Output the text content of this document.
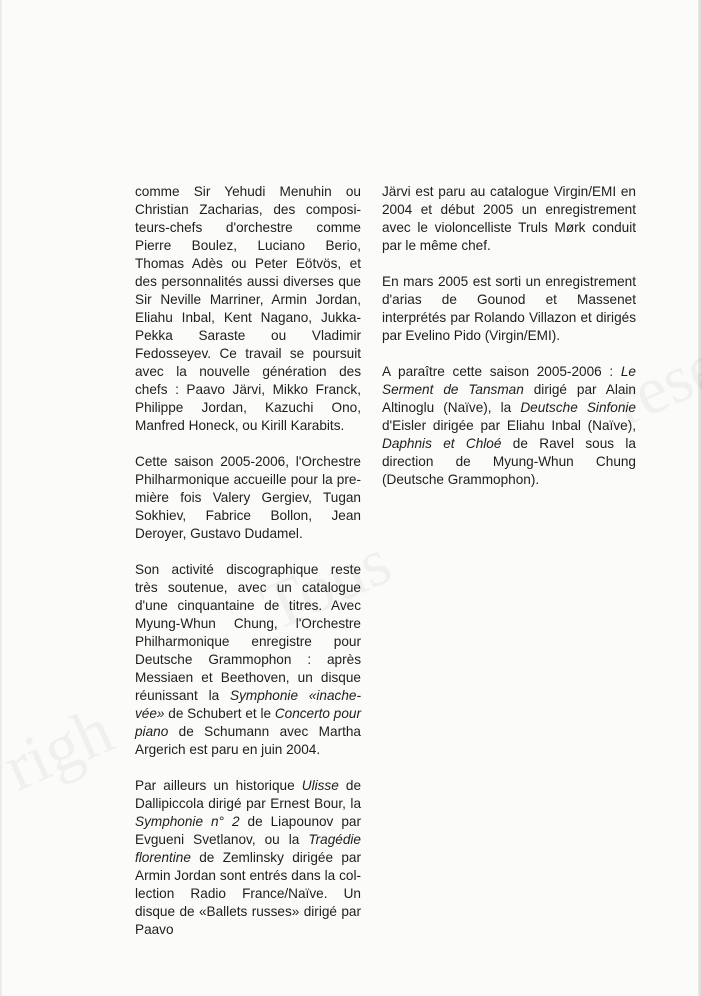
comme Sir Yehudi Menuhin ou Christian Zacharias, des compositeurs-chefs d'orchestre comme Pierre Boulez, Luciano Berio, Thomas Adès ou Peter Eötvös, et des personnalités aussi diverses que Sir Neville Marriner, Armin Jordan, Eliahu Inbal, Kent Nagano, Jukka-Pekka Saraste ou Vladimir Fedosseyev. Ce travail se poursuit avec la nouvelle génération des chefs : Paavo Järvi, Mikko Franck, Philippe Jordan, Kazuchi Ono, Manfred Honeck, ou Kirill Karabits.

Cette saison 2005-2006, l'Orchestre Philharmonique accueille pour la première fois Valery Gergiev, Tugan Sokhiev, Fabrice Bollon, Jean Deroyer, Gustavo Dudamel.

Son activité discographique reste très soutenue, avec un catalogue d'une cinquantaine de titres. Avec Myung-Whun Chung, l'Orchestre Philharmonique enregistre pour Deutsche Grammophon : après Messiaen et Beethoven, un disque réunissant la Symphonie «inachevée» de Schubert et le Concerto pour piano de Schumann avec Martha Argerich est paru en juin 2004.

Par ailleurs un historique Ulisse de Dallipiccola dirigé par Ernest Bour, la Symphonie n° 2 de Liapounov par Evgueni Svetlanov, ou la Tragédie florentine de Zemlinsky dirigée par Armin Jordan sont entrés dans la collection Radio France/Naïve. Un disque de «Ballets russes» dirigé par Paavo

Järvi est paru au catalogue Virgin/EMI en 2004 et début 2005 un enregistrement avec le violoncelliste Truls Mørk conduit par le même chef.

En mars 2005 est sorti un enregistrement d'arias de Gounod et Massenet interprétés par Rolando Villazon et dirigés par Evelino Pido (Virgin/EMI).

A paraître cette saison 2005-2006 : Le Serment de Tansman dirigé par Alain Altinoglu (Naïve), la Deutsche Sinfonie d'Eisler dirigée par Eliahu Inbal (Naïve), Daphnis et Chloé de Ravel sous la direction de Myung-Whun Chung (Deutsche Grammophon).
